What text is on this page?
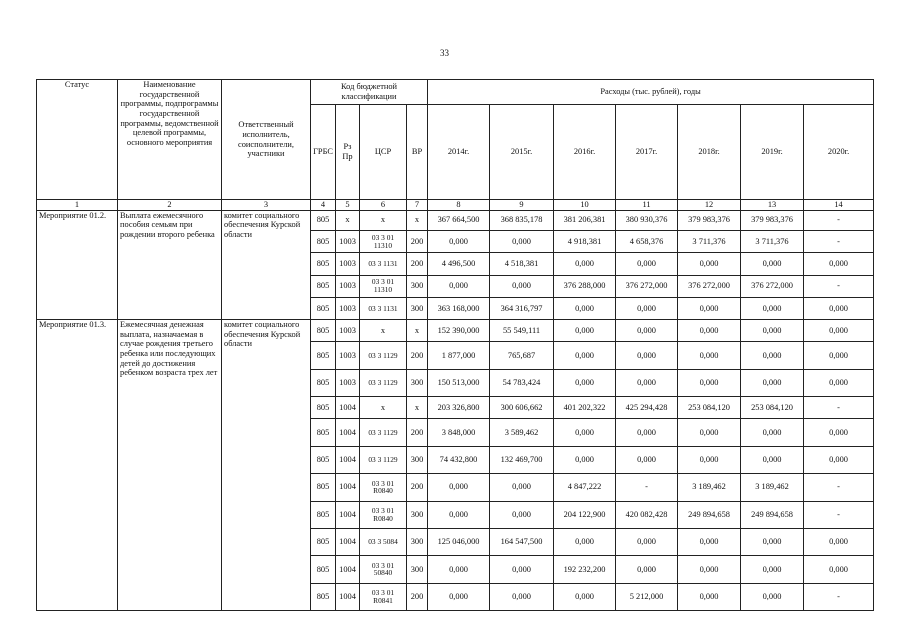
33
Статус	Наименование государственной программы, подпрограммы государственной программы, ведомственной целевой программы, основного мероприятия	Ответственный исполнитель, соисполнители, участники	Код бюджетной классификации				Расходы (тыс. рублей), годы						
			ГРБС	Рз Пр	ЦСР	ВР	2014г.	2015г.	2016г.	2017г.	2018г.	2019г.	2020г.
1	2	3	4	5	6	7	8	9	10	11	12	13	14
Мероприятие 01.2.	Выплата ежемесячного пособия семьям при рождении второго ребенка	комитет социального обеспечения Курской области	805	x	x	x	367 664,500	368 835,178	381 206,381	380 930,376	379 983,376	379 983,376	-
			805	1003	03 3 01 11310	200	0,000	0,000	4 918,381	4 658,376	3 711,376	3 711,376	-
			805	1003	03 3 1131	200	4 496,500	4 518,381	0,000	0,000	0,000	0,000	0,000
			805	1003	03 3 01 11310	300	0,000	0,000	376 288,000	376 272,000	376 272,000	376 272,000	-
			805	1003	03 3 1131	300	363 168,000	364 316,797	0,000	0,000	0,000	0,000	0,000
Мероприятие 01.3.	Ежемесячная денежная выплата, назначаемая в случае рождения третьего ребенка или последующих детей до достижения ребенком возраста трех лет	комитет социального обеспечения Курской области	805	1003	x	x	152 390,000	55 549,111	0,000	0,000	0,000	0,000	0,000
			805	1003	03 3 1129	200	1 877,000	765,687	0,000	0,000	0,000	0,000	0,000
			805	1003	03 3 1129	300	150 513,000	54 783,424	0,000	0,000	0,000	0,000	0,000
			805	1004	x	x	203 326,800	300 606,662	401 202,322	425 294,428	253 084,120	253 084,120	-
			805	1004	03 3 1129	200	3 848,000	3 589,462	0,000	0,000	0,000	0,000	0,000
			805	1004	03 3 1129	300	74 432,800	132 469,700	0,000	0,000	0,000	0,000	0,000
			805	1004	03 3 01 R0840	200	0,000	0,000	4 847,222	-	3 189,462	3 189,462	-
			805	1004	03 3 01 R0840	300	0,000	0,000	204 122,900	420 082,428	249 894,658	249 894,658	-
			805	1004	03 3 5084	300	125 046,000	164 547,500	0,000	0,000	0,000	0,000	0,000
			805	1004	03 3 01 50840	300	0,000	0,000	192 232,200	0,000	0,000	0,000	0,000
			805	1004	03 3 01 R0841	200	0,000	0,000	0,000	5 212,000	0,000	0,000	-
